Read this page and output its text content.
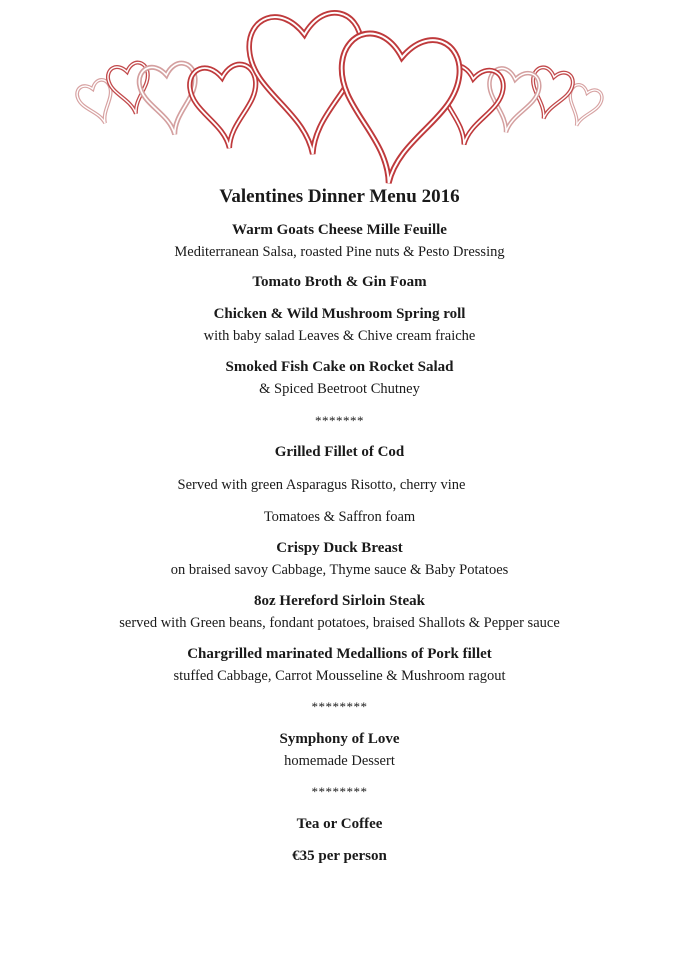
Valentines Dinner Menu 2016
Warm Goats Cheese Mille Feuille
Mediterranean Salsa, roasted Pine nuts & Pesto Dressing
Tomato Broth & Gin Foam
Chicken & Wild Mushroom Spring roll
with baby salad Leaves & Chive cream fraiche
Smoked Fish Cake on Rocket Salad
& Spiced Beetroot Chutney
*******
Grilled Fillet of Cod
Served with green Asparagus Risotto, cherry vine
Tomatoes & Saffron foam
Crispy Duck Breast
on braised savoy Cabbage, Thyme sauce & Baby Potatoes
8oz Hereford Sirloin Steak
served with Green beans, fondant potatoes, braised Shallots & Pepper sauce
Chargrilled marinated Medallions of Pork fillet
stuffed Cabbage, Carrot Mousseline & Mushroom ragout
********
Symphony of Love
homemade Dessert
********
Tea or Coffee
€35 per person
